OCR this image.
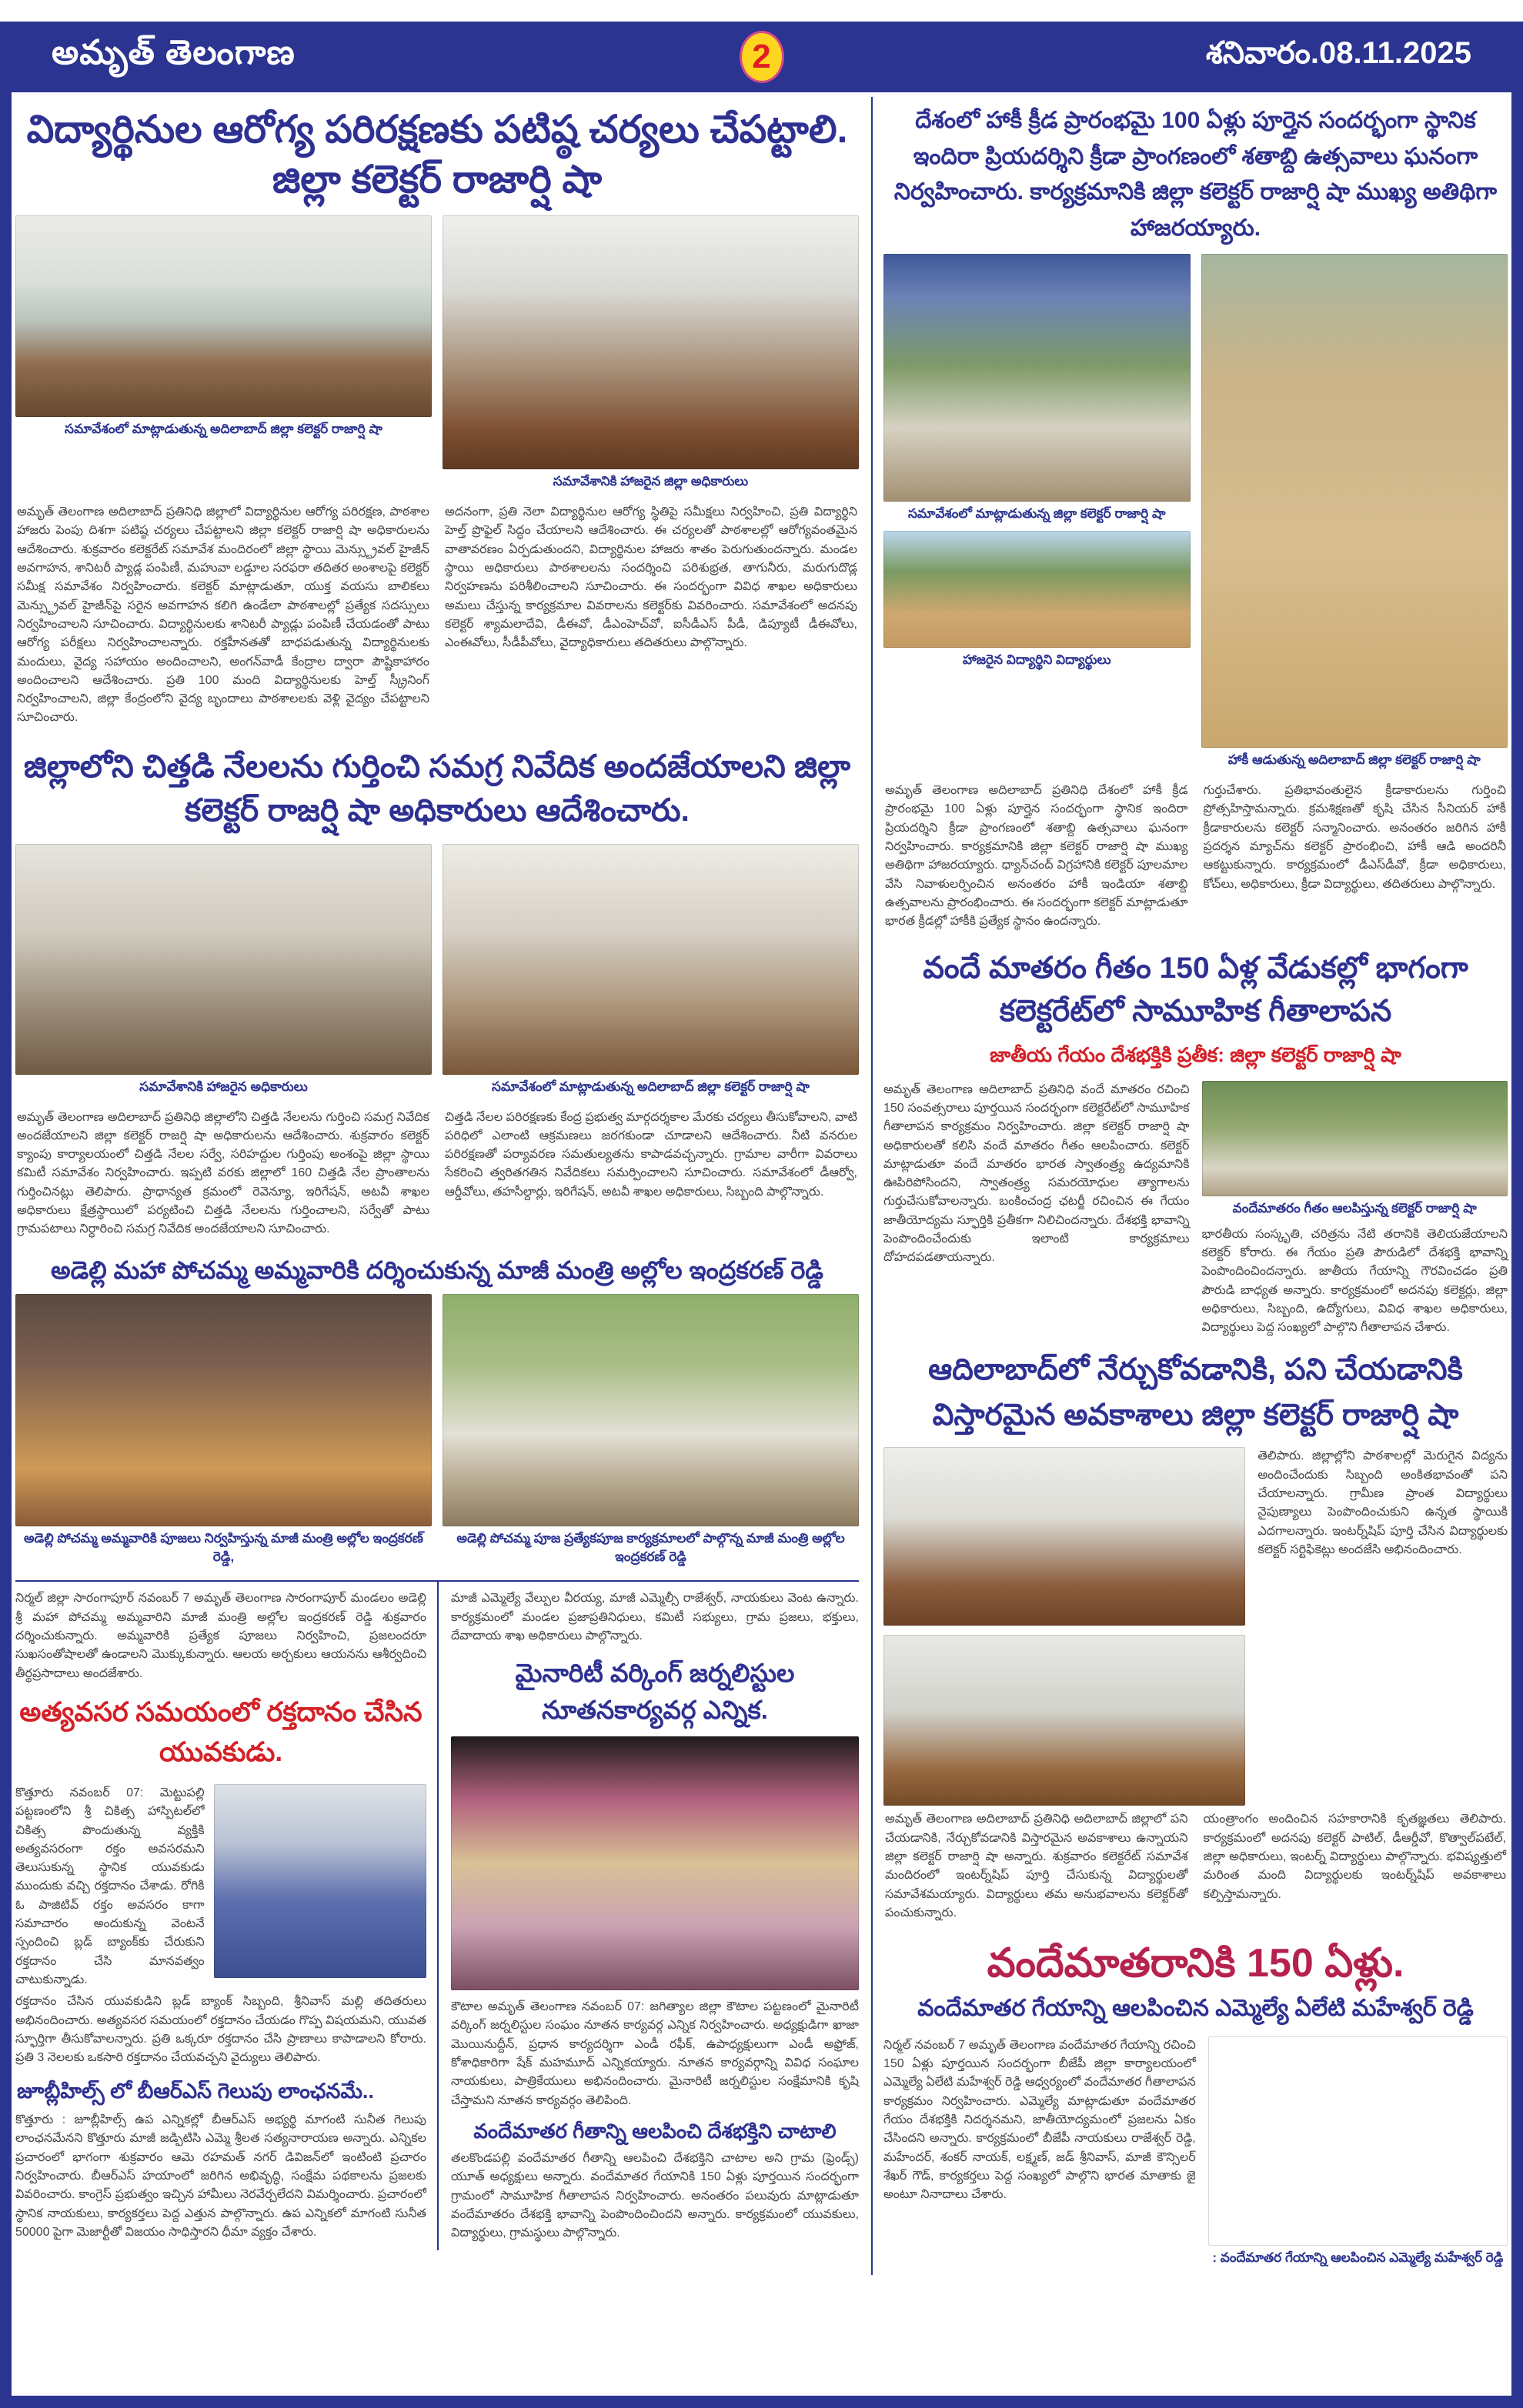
అమృత్ తెలంగాణ	2	శనివారం.08.11.2025
విద్యార్థినుల ఆరోగ్య పరిరక్షణకు పటిష్ఠ చర్యలు చేపట్టాలి. జిల్లా కలెక్టర్ రాజార్షి షా
సమావేశంలో మాట్లాడుతున్న అదిలాబాద్ జిల్లా కలెక్టర్ రాజార్షి షా
సమావేశానికి హాజరైన జిల్లా అధికారులు
అమృత్ తెలంగాణ అదిలాబాద్ ప్రతినిధి జిల్లాలో విద్యార్థినుల ఆరోగ్య పరిరక్షణ, పాఠశాల హాజరు పెంపు దిశగా పటిష్ఠ చర్యలు చేపట్టాలని జిల్లా కలెక్టర్ రాజార్షి షా అధికారులను ఆదేశించారు. శుక్రవారం కలెక్టరేట్ సమావేశ మందిరంలో జిల్లా స్థాయి మెన్స్ట్రువల్ హైజీన్ అవగాహన, శానిటరీ ప్యాడ్ల పంపిణీ, మహువా లడ్డూల సరఫరా తదితర అంశాలపై కలెక్టర్ సమీక్ష సమావేశం నిర్వహించారు. కలెక్టర్ మాట్లాడుతూ, యుక్త వయసు బాలికలు మెన్స్ట్రువల్ హైజీన్‌పై సరైన అవగాహన కలిగి ఉండేలా పాఠశాలల్లో ప్రత్యేక సదస్సులు నిర్వహించాలని సూచించారు. విద్యార్థినులకు శానిటరీ ప్యాడ్లు పంపిణీ చేయడంతో పాటు ఆరోగ్య పరీక్షలు నిర్వహించాలన్నారు. రక్తహీనతతో బాధపడుతున్న విద్యార్థినులకు మందులు, వైద్య సహాయం అందించాలని, అంగన్‌వాడీ కేంద్రాల ద్వారా పౌష్టికాహారం అందించాలని ఆదేశించారు. ప్రతి 100 మంది విద్యార్థినులకు హెల్త్ స్క్రీనింగ్ నిర్వహించాలని, జిల్లా కేంద్రంలోని వైద్య బృందాలు పాఠశాలలకు వెళ్లి వైద్యం చేపట్టాలని సూచించారు.
అదనంగా, ప్రతి నెలా విద్యార్థినుల ఆరోగ్య స్థితిపై సమీక్షలు నిర్వహించి, ప్రతి విద్యార్థిని హెల్త్ ప్రొఫైల్ సిద్ధం చేయాలని ఆదేశించారు. ఈ చర్యలతో పాఠశాలల్లో ఆరోగ్యవంతమైన వాతావరణం ఏర్పడుతుందని, విద్యార్థినుల హాజరు శాతం పెరుగుతుందన్నారు. మండల స్థాయి అధికారులు పాఠశాలలను సందర్శించి పరిశుభ్రత, తాగునీరు, మరుగుదొడ్ల నిర్వహణను పరిశీలించాలని సూచించారు. ఈ సందర్భంగా వివిధ శాఖల అధికారులు అమలు చేస్తున్న కార్యక్రమాల వివరాలను కలెక్టర్‌కు వివరించారు. సమావేశంలో అదనపు కలెక్టర్ శ్యామలాదేవి, డీఈవో, డీఎంహెచ్‌వో, ఐసీడీఎస్ పీడీ, డిప్యూటీ డీఈవోలు, ఎంఈవోలు, సీడీపీవోలు, వైద్యాధికారులు తదితరులు పాల్గొన్నారు.
జిల్లాలోని చిత్తడి నేలలను గుర్తించి సమగ్ర నివేదిక అందజేయాలని జిల్లా కలెక్టర్ రాజర్షి షా అధికారులు ఆదేశించారు.
సమావేశానికి హాజరైన అధికారులు	సమావేశంలో మాట్లాడుతున్న అదిలాబాద్ జిల్లా కలెక్టర్ రాజార్షి షా
అమృత్ తెలంగాణ అదిలాబాద్ ప్రతినిధి జిల్లాలోని చిత్తడి నేలలను గుర్తించి సమగ్ర నివేదిక అందజేయాలని జిల్లా కలెక్టర్ రాజర్షి షా అధికారులను ఆదేశించారు. శుక్రవారం కలెక్టర్ క్యాంపు కార్యాలయంలో చిత్తడి నేలల సర్వే, సరిహద్దుల గుర్తింపు అంశంపై జిల్లా స్థాయి కమిటీ సమావేశం నిర్వహించారు. ఇప్పటి వరకు జిల్లాలో 160 చిత్తడి నేల ప్రాంతాలను గుర్తించినట్లు తెలిపారు. ప్రాధాన్యత క్రమంలో రెవెన్యూ, ఇరిగేషన్, అటవీ శాఖల అధికారులు క్షేత్రస్థాయిలో పర్యటించి చిత్తడి నేలలను గుర్తించాలని, సర్వేతో పాటు గ్రామపటాలు నిర్ధారించి సమగ్ర నివేదిక అందజేయాలని సూచించారు.
చిత్తడి నేలల పరిరక్షణకు కేంద్ర ప్రభుత్వ మార్గదర్శకాల మేరకు చర్యలు తీసుకోవాలని, వాటి పరిధిలో ఎలాంటి ఆక్రమణలు జరగకుండా చూడాలని ఆదేశించారు. నీటి వనరుల పరిరక్షణతో పర్యావరణ సమతుల్యతను కాపాడవచ్చన్నారు. గ్రామాల వారీగా వివరాలు సేకరించి త్వరితగతిన నివేదికలు సమర్పించాలని సూచించారు. సమావేశంలో డీఆర్వో, ఆర్డీవోలు, తహసీల్దార్లు, ఇరిగేషన్, అటవీ శాఖల అధికారులు, సిబ్బంది పాల్గొన్నారు.
అడెల్లి మహా పోచమ్మ అమ్మవారికి దర్శించుకున్న మాజీ మంత్రి అల్లోల ఇంద్రకరణ్ రెడ్డి
అడెల్లి పోచమ్మ అమ్మవారికి పూజలు నిర్వహిస్తున్న మాజీ మంత్రి అల్లోల ఇంద్రకరణ్ రెడ్డి,
అడెల్లి పోచమ్మ పూజ ప్రత్యేకపూజ కార్యక్రమాలలో పాల్గొన్న మాజీ మంత్రి అల్లోల ఇంద్రకరణ్ రెడ్డి
నిర్మల్ జిల్లా సారంగాపూర్ నవంబర్ 7 అమృత్ తెలంగాణ సారంగాపూర్ మండలం అడెల్లి శ్రీ మహా పోచమ్మ అమ్మవారిని మాజీ మంత్రి అల్లోల ఇంద్రకరణ్ రెడ్డి శుక్రవారం దర్శించుకున్నారు. అమ్మవారికి ప్రత్యేక పూజలు నిర్వహించి, ప్రజలందరూ సుఖసంతోషాలతో ఉండాలని మొక్కుకున్నారు. ఆలయ అర్చకులు ఆయనను ఆశీర్వదించి తీర్థప్రసాదాలు అందజేశారు.
అత్యవసర సమయంలో రక్తదానం చేసిన యువకుడు.
కొత్తూరు నవంబర్ 07: మెట్టుపల్లి పట్టణంలోని శ్రీ చికిత్స హాస్పిటల్‌లో చికిత్స పొందుతున్న వ్యక్తికి అత్యవసరంగా రక్తం అవసరమని తెలుసుకున్న స్థానిక యువకుడు ముందుకు వచ్చి రక్తదానం చేశాడు. రోగికి ఓ పాజిటివ్ రక్తం అవసరం కాగా సమాచారం అందుకున్న వెంటనే స్పందించి బ్లడ్ బ్యాంక్‌కు చేరుకుని రక్తదానం చేసి మానవత్వం చాటుకున్నాడు.
రక్తదానం చేసిన యువకుడిని బ్లడ్ బ్యాంక్ సిబ్బంది, శ్రీనివాస్ మల్లి తదితరులు అభినందించారు. అత్యవసర సమయంలో రక్తదానం చేయడం గొప్ప విషయమని, యువత స్ఫూర్తిగా తీసుకోవాలన్నారు. ప్రతి ఒక్కరూ రక్తదానం చేసి ప్రాణాలు కాపాడాలని కోరారు. ప్రతి 3 నెలలకు ఒకసారి రక్తదానం చేయవచ్చని వైద్యులు తెలిపారు.
జూబ్లీహిల్స్ లో బీఆర్ఎస్ గెలుపు లాంఛనమే..
కొత్తూరు : జూబ్లీహిల్స్ ఉప ఎన్నికల్లో బీఆర్ఎస్ అభ్యర్థి మాగంటి సునీత గెలుపు లాంఛనమేనని కొత్తూరు మాజీ జడ్పిటిసి ఎమ్మె శ్రీలత సత్యనారాయణ అన్నారు. ఎన్నికల ప్రచారంలో భాగంగా శుక్రవారం ఆమె రహమత్ నగర్ డివిజన్‌లో ఇంటింటి ప్రచారం నిర్వహించారు. బీఆర్ఎస్ హయాంలో జరిగిన అభివృద్ధి, సంక్షేమ పథకాలను ప్రజలకు వివరించారు. కాంగ్రెస్ ప్రభుత్వం ఇచ్చిన హామీలు నెరవేర్చలేదని విమర్శించారు. ప్రచారంలో స్థానిక నాయకులు, కార్యకర్తలు పెద్ద ఎత్తున పాల్గొన్నారు. ఉప ఎన్నికలో మాగంటి సునీత 50000 పైగా మెజార్టీతో విజయం సాధిస్తారని ధీమా వ్యక్తం చేశారు.
మాజీ ఎమ్మెల్యే వేల్పుల వీరయ్య, మాజీ ఎమ్మెల్సీ రాజేశ్వర్, నాయకులు వెంట ఉన్నారు. కార్యక్రమంలో మండల ప్రజాప్రతినిధులు, కమిటీ సభ్యులు, గ్రామ ప్రజలు, భక్తులు, దేవాదాయ శాఖ అధికారులు పాల్గొన్నారు.
మైనారిటీ వర్కింగ్ జర్నలిస్టుల నూతనకార్యవర్గ ఎన్నిక.
కౌటాల అమృత్ తెలంగాణ నవంబర్ 07: జగిత్యాల జిల్లా కౌటాల పట్టణంలో మైనారిటీ వర్కింగ్ జర్నలిస్టుల సంఘం నూతన కార్యవర్గ ఎన్నిక నిర్వహించారు. అధ్యక్షుడిగా ఖాజా మొయినుద్దీన్, ప్రధాన కార్యదర్శిగా ఎండీ రఫీక్, ఉపాధ్యక్షులుగా ఎండీ అఫ్రోజ్, కోశాధికారిగా షేక్ మహమూద్ ఎన్నికయ్యారు. నూతన కార్యవర్గాన్ని వివిధ సంఘాల నాయకులు, పాత్రికేయులు అభినందించారు. మైనారిటీ జర్నలిస్టుల సంక్షేమానికి కృషి చేస్తామని నూతన కార్యవర్గం తెలిపింది.
వందేమాతర గీతాన్ని ఆలపించి దేశభక్తిని చాటాలి
తలకొండపల్లి వందేమాతర గీతాన్ని ఆలపించి దేశభక్తిని చాటాల అని గ్రామ (ఫ్రెండ్స్) యూత్ అధ్యక్షులు అన్నారు. వందేమాతర గేయానికి 150 ఏళ్లు పూర్తయిన సందర్భంగా గ్రామంలో సామూహిక గీతాలాపన నిర్వహించారు. అనంతరం పలువురు మాట్లాడుతూ వందేమాతరం దేశభక్తి భావాన్ని పెంపొందించిందని అన్నారు. కార్యక్రమంలో యువకులు, విద్యార్థులు, గ్రామస్థులు పాల్గొన్నారు.
దేశంలో హాకీ క్రీడ ప్రారంభమై 100 ఏళ్లు పూర్తైన సందర్భంగా స్థానిక ఇందిరా ప్రియదర్శిని క్రీడా ప్రాంగణంలో శతాబ్ది ఉత్సవాలు ఘనంగా నిర్వహించారు. కార్యక్రమానికి జిల్లా కలెక్టర్ రాజార్షి షా ముఖ్య అతిథిగా హాజరయ్యారు.
సమావేశంలో మాట్లాడుతున్న జిల్లా కలెక్టర్ రాజార్షి షా
హాజరైన విద్యార్థిని విద్యార్థులు
హాకీ ఆడుతున్న అదిలాబాద్ జిల్లా కలెక్టర్ రాజార్షి షా
అమృత్ తెలంగాణ అదిలాబాద్ ప్రతినిధి దేశంలో హాకీ క్రీడ ప్రారంభమై 100 ఏళ్లు పూర్తైన సందర్భంగా స్థానిక ఇందిరా ప్రియదర్శిని క్రీడా ప్రాంగణంలో శతాబ్ది ఉత్సవాలు ఘనంగా నిర్వహించారు. కార్యక్రమానికి జిల్లా కలెక్టర్ రాజార్షి షా ముఖ్య అతిథిగా హాజరయ్యారు. ధ్యాన్‌చంద్ విగ్రహానికి కలెక్టర్ పూలమాల వేసి నివాళులర్పించిన అనంతరం హాకీ ఇండియా శతాబ్ది ఉత్సవాలను ప్రారంభించారు. ఈ సందర్భంగా కలెక్టర్ మాట్లాడుతూ భారత క్రీడల్లో హాకీకి ప్రత్యేక స్థానం ఉందన్నారు.
గుర్తుచేశారు. ప్రతిభావంతులైన క్రీడాకారులను గుర్తించి ప్రోత్సహిస్తామన్నారు. క్రమశిక్షణతో కృషి చేసిన సీనియర్ హాకీ క్రీడాకారులను కలెక్టర్ సన్మానించారు. అనంతరం జరిగిన హాకీ ప్రదర్శన మ్యాచ్‌ను కలెక్టర్ ప్రారంభించి, హాకీ ఆడి అందరినీ ఆకట్టుకున్నారు. కార్యక్రమంలో డీఎస్‌డీవో, క్రీడా అధికారులు, కోచ్‌లు, అధికారులు, క్రీడా విద్యార్థులు, తదితరులు పాల్గొన్నారు.
వందే మాతరం గీతం 150 ఏళ్ల వేడుకల్లో భాగంగా కలెక్టరేట్‌లో సామూహిక గీతాలాపన
జాతీయ గేయం దేశభక్తికి ప్రతీక: జిల్లా కలెక్టర్ రాజార్షి షా
అమృత్ తెలంగాణ అదిలాబాద్ ప్రతినిధి వందే మాతరం రచించి 150 సంవత్సరాలు పూర్తయిన సందర్భంగా కలెక్టరేట్‌లో సామూహిక గీతాలాపన కార్యక్రమం నిర్వహించారు. జిల్లా కలెక్టర్ రాజార్షి షా అధికారులతో కలిసి వందే మాతరం గీతం ఆలపించారు. కలెక్టర్ మాట్లాడుతూ వందే మాతరం భారత స్వాతంత్ర్య ఉద్యమానికి ఊపిరిపోసిందని, స్వాతంత్ర్య సమరయోధుల త్యాగాలను గుర్తుచేసుకోవాలన్నారు. బంకించంద్ర ఛటర్జీ రచించిన ఈ గేయం జాతీయోద్యమ స్ఫూర్తికి ప్రతీకగా నిలిచిందన్నారు. దేశభక్తి భావాన్ని పెంపొందించేందుకు ఇలాంటి కార్యక్రమాలు దోహదపడతాయన్నారు.
వందేమాతరం గీతం ఆలపిస్తున్న కలెక్టర్ రాజార్షి షా
భారతీయ సంస్కృతి, చరిత్రను నేటి తరానికి తెలియజేయాలని కలెక్టర్ కోరారు. ఈ గేయం ప్రతి పౌరుడిలో దేశభక్తి భావాన్ని పెంపొందించిందన్నారు. జాతీయ గేయాన్ని గౌరవించడం ప్రతి పౌరుడి బాధ్యత అన్నారు. కార్యక్రమంలో అదనపు కలెక్టర్లు, జిల్లా అధికారులు, సిబ్బంది, ఉద్యోగులు, వివిధ శాఖల అధికారులు, విద్యార్థులు పెద్ద సంఖ్యలో పాల్గొని గీతాలాపన చేశారు.
ఆదిలాబాద్‌లో నేర్చుకోవడానికి, పని చేయడానికి విస్తారమైన అవకాశాలు జిల్లా కలెక్టర్ రాజార్షి షా
తెలిపారు. జిల్లాల్లోని పాఠశాలల్లో మెరుగైన విద్యను అందించేందుకు సిబ్బంది అంకితభావంతో పని చేయాలన్నారు. గ్రామీణ ప్రాంత విద్యార్థులు నైపుణ్యాలు పెంపొందించుకుని ఉన్నత స్థాయికి ఎదగాలన్నారు. ఇంటర్న్‌షిప్ పూర్తి చేసిన విద్యార్థులకు కలెక్టర్ సర్టిఫికెట్లు అందజేసి అభినందించారు.
అమృత్ తెలంగాణ అదిలాబాద్ ప్రతినిధి అదిలాబాద్ జిల్లాలో పని చేయడానికి, నేర్చుకోవడానికి విస్తారమైన అవకాశాలు ఉన్నాయని జిల్లా కలెక్టర్ రాజార్షి షా అన్నారు. శుక్రవారం కలెక్టరేట్ సమావేశ మందిరంలో ఇంటర్న్‌షిప్ పూర్తి చేసుకున్న విద్యార్థులతో సమావేశమయ్యారు. విద్యార్థులు తమ అనుభవాలను కలెక్టర్‌తో పంచుకున్నారు.
యంత్రాంగం అందించిన సహకారానికి కృతజ్ఞతలు తెలిపారు. కార్యక్రమంలో అదనపు కలెక్టర్ పాటిల్, డీఆర్డీవో, కొత్వాల్‌పటేల్, జిల్లా అధికారులు, ఇంటర్న్ విద్యార్థులు పాల్గొన్నారు. భవిష్యత్తులో మరింత మంది విద్యార్థులకు ఇంటర్న్‌షిప్ అవకాశాలు కల్పిస్తామన్నారు.
వందేమాతరానికి 150 ఏళ్లు.
వందేమాతర గేయాన్ని ఆలపించిన ఎమ్మెల్యే ఏలేటి మహేశ్వర్ రెడ్డి
నిర్మల్ నవంబర్ 7 అమృత్ తెలంగాణ వందేమాతర గేయాన్ని రచించి 150 ఏళ్లు పూర్తయిన సందర్భంగా బీజేపీ జిల్లా కార్యాలయంలో ఎమ్మెల్యే ఏలేటి మహేశ్వర్ రెడ్డి ఆధ్వర్యంలో వందేమాతర గీతాలాపన కార్యక్రమం నిర్వహించారు. ఎమ్మెల్యే మాట్లాడుతూ వందేమాతర గేయం దేశభక్తికి నిదర్శనమని, జాతీయోద్యమంలో ప్రజలను ఏకం చేసిందని అన్నారు. కార్యక్రమంలో బీజేపీ నాయకులు రాజేశ్వర్ రెడ్డి, మహేందర్, శంకర్ నాయక్, లక్ష్మణ్, జడ్ శ్రీనివాస్, మాజీ కౌన్సిలర్ శేఖర్ గౌడ్, కార్యకర్తలు పెద్ద సంఖ్యలో పాల్గొని భారత మాతాకు జై అంటూ నినాదాలు చేశారు.
: వందేమాతర గేయాన్ని ఆలపించిన ఎమ్మెల్యే మహేశ్వర్ రెడ్డి
